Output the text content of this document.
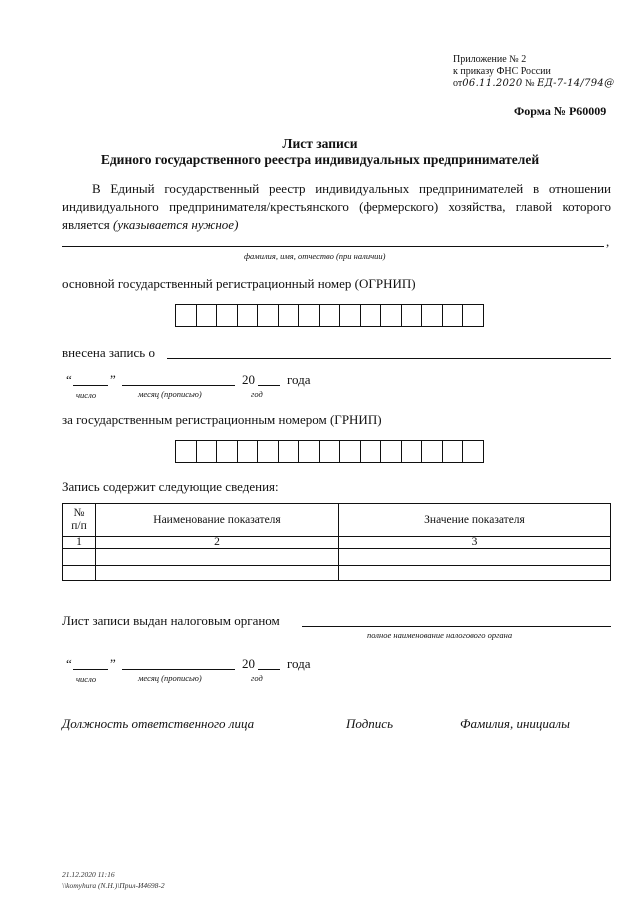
Приложение № 2
к приказу ФНС России
от06.11.2020 № ЕД-7-14/794@
Форма № Р60009
Лист записи
Единого государственного реестра индивидуальных предпринимателей
В Единый государственный реестр индивидуальных предпринимателей в отношении индивидуального предпринимателя/крестьянского (фермерского) хозяйства, главой которого является (указывается нужное)
,
фамилия, имя, отчество (при наличии)
основной государственный регистрационный номер (ОГРНИП)
внесена запись о
“	”	20 года
число	месяц (прописью)	год
за государственным регистрационным номером (ГРНИП)
Запись содержит следующие сведения:
№
п/п	Наименование показателя	Значение показателя
1	2	3

Лист записи выдан налоговым органом
полное наименование налогового органа
“	”	20 года
число	месяц (прописью)	год
Должность ответственного лица	Подпись	Фамилия, инициалы
21.12.2020 11:16
\\komyhura (N.H.)\Прил-И4698-2
